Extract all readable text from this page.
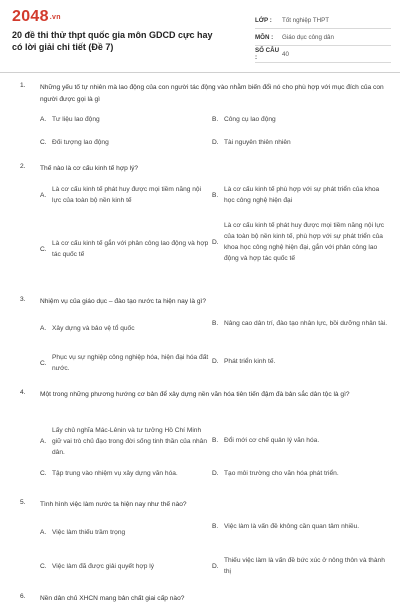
2048.vn
20 đề thi thử thpt quốc gia môn GDCD cực hay có lời giải chi tiết (Đề 7)
LỚP :	Tốt nghiệp THPT
MÔN :	Giáo dục công dân
SỐ CÂU :	40
1. Những yếu tố tự nhiên mà lao động của con người tác động vào nhằm biến đổi nó cho phù hợp với mục đích của con người được gọi là gì
A. Tư liệu lao động	B. Công cụ lao động
C. Đối tượng lao động	D. Tài nguyên thiên nhiên
2. Thế nào là cơ cấu kinh tế hợp lý?
A.
Là cơ cấu kinh tế phát huy được mọi tiềm năng nội lực của toàn bộ nền kinh tế
B.
Là cơ cấu kinh tế phù hợp với sự phát triển của khoa học công nghệ hiện đại
C.
Là cơ cấu kinh tế gắn với phân công lao động và hợp tác quốc tế
D.
Là cơ cấu kinh tế phát huy được mọi tiềm năng nội lực của toàn bộ nền kinh tế, phù hợp với sự phát triển của khoa học công nghệ hiện đại, gắn với phân công lao động và hợp tác quốc tế
3. Nhiệm vụ của giáo dục – đào tạo nước ta hiện nay là gì?
A. Xây dựng và bảo vệ tổ quốc
B. Nâng cao dân trí, đào tạo nhân lực, bồi dưỡng nhân tài.
C.
Phục vụ sự nghiệp công nghiệp hóa, hiện đại hóa đất nước.
D. Phát triển kinh tế.
4. Một trong những phương hướng cơ bản để xây dựng nền văn hóa tiên tiến đậm đà bản sắc dân tộc là gì?
A.
Lấy chủ nghĩa Mác-Lênin và tư tưởng Hồ Chí Minh giữ vai trò chủ đạo trong đời sống tinh thần của nhân dân.
B. Đổi mới cơ chế quản lý văn hóa.
C. Tập trung vào nhiệm vụ xây dựng văn hóa.	D. Tạo môi trường cho văn hóa phát triển.
5. Tình hình việc làm nước ta hiện nay như thế nào?
A. Việc làm thiếu trầm trọng
B. Việc làm là vấn đề không cần quan tâm nhiều.
C. Việc làm đã được giải quyết hợp lý	D.
Thiếu việc làm là vấn đề bức xúc ở nông thôn và thành thị
6. Nền dân chủ XHCN mang bản chất giai cấp nào?
